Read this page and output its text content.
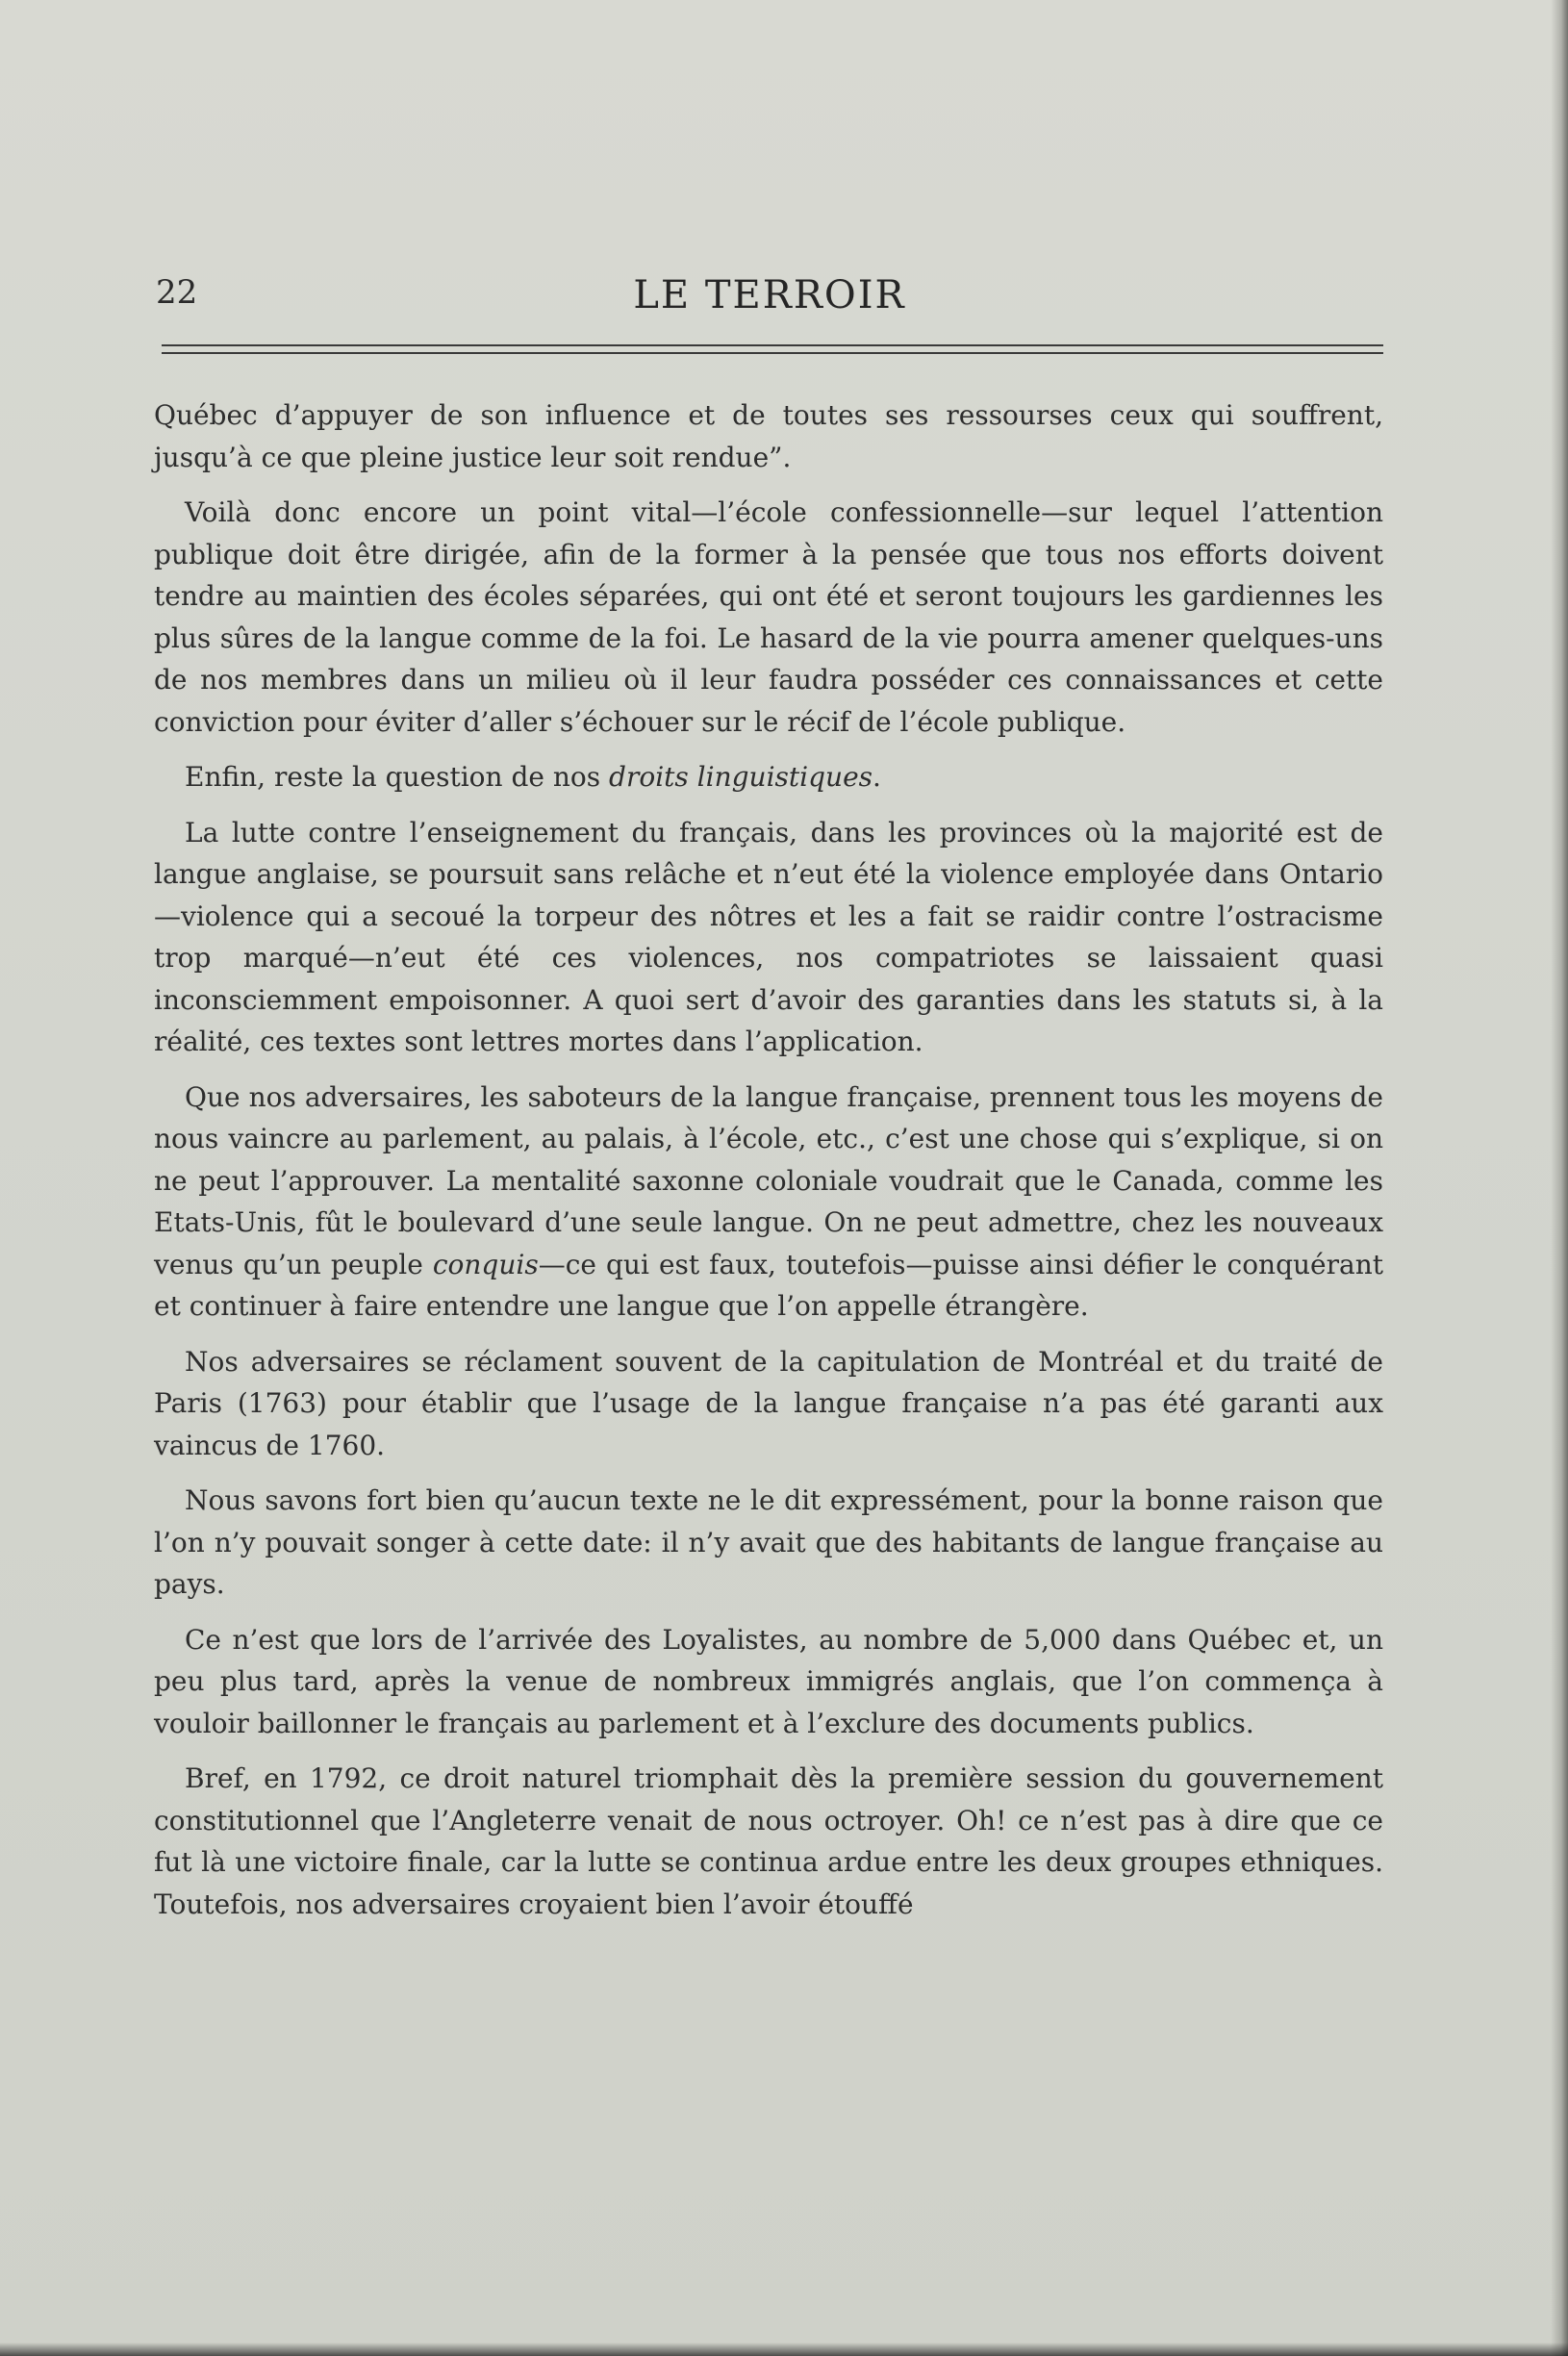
22	LE TERROIR

Québec d’appuyer de son influence et de toutes ses ressourses ceux qui souffrent, jusqu’à ce que pleine justice leur soit rendue”.

Voilà donc encore un point vital—l’école confessionnelle—sur lequel l’attention publique doit être dirigée, afin de la former à la pensée que tous nos efforts doivent tendre au maintien des écoles séparées, qui ont été et seront toujours les gardiennes les plus sûres de la langue comme de la foi. Le hasard de la vie pourra amener quelques-uns de nos membres dans un milieu où il leur faudra posséder ces connaissances et cette conviction pour éviter d’aller s’échouer sur le récif de l’école publique.

Enfin, reste la question de nos droits linguistiques.

La lutte contre l’enseignement du français, dans les provinces où la majorité est de langue anglaise, se poursuit sans relâche et n’eut été la violence employée dans Ontario—violence qui a secoué la torpeur des nôtres et les a fait se raidir contre l’ostracisme trop marqué—n’eut été ces violences, nos compatriotes se laissaient quasi inconsciemment empoisonner. A quoi sert d’avoir des garanties dans les statuts si, à la réalité, ces textes sont lettres mortes dans l’application.

Que nos adversaires, les saboteurs de la langue française, prennent tous les moyens de nous vaincre au parlement, au palais, à l’école, etc., c’est une chose qui s’explique, si on ne peut l’approuver. La mentalité saxonne coloniale voudrait que le Canada, comme les Etats-Unis, fût le boulevard d’une seule langue. On ne peut admettre, chez les nouveaux venus qu’un peuple conquis—ce qui est faux, toutefois—puisse ainsi défier le conquérant et continuer à faire entendre une langue que l’on appelle étrangère.

Nos adversaires se réclament souvent de la capitulation de Montréal et du traité de Paris (1763) pour établir que l’usage de la langue française n’a pas été garanti aux vaincus de 1760.

Nous savons fort bien qu’aucun texte ne le dit expressément, pour la bonne raison que l’on n’y pouvait songer à cette date: il n’y avait que des habitants de langue française au pays.

Ce n’est que lors de l’arrivée des Loyalistes, au nombre de 5,000 dans Québec et, un peu plus tard, après la venue de nombreux immigrés anglais, que l’on commença à vouloir baillonner le français au parlement et à l’exclure des documents publics.

Bref, en 1792, ce droit naturel triomphait dès la première session du gouvernement constitutionnel que l’Angleterre venait de nous octroyer. Oh! ce n’est pas à dire que ce fut là une victoire finale, car la lutte se continua ardue entre les deux groupes ethniques. Toutefois, nos adversaires croyaient bien l’avoir étouffé
